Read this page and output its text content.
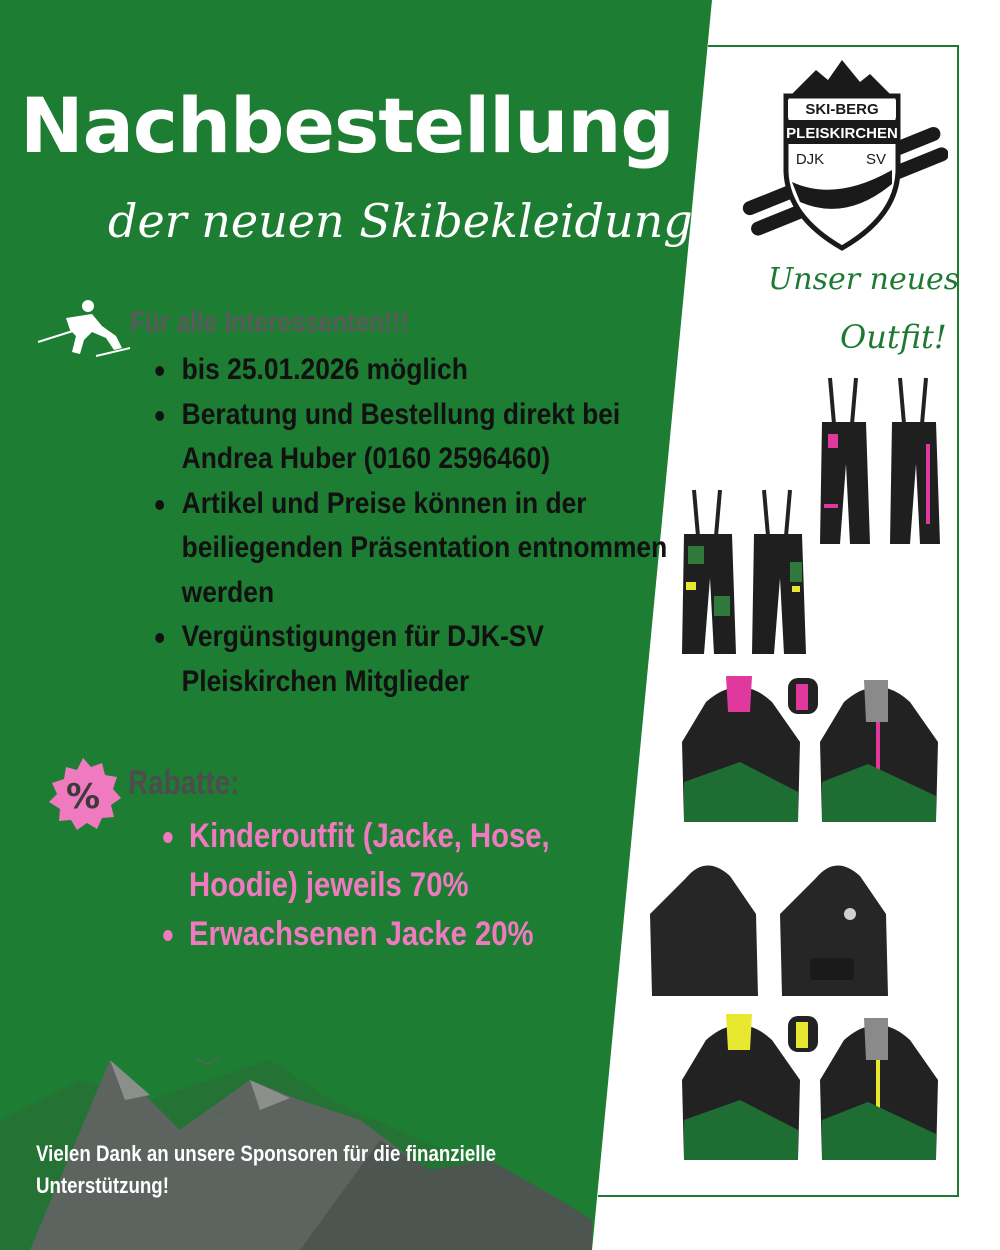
Nachbestellung
der neuen Skibekleidung
Für alle Interessenten!!!
bis 25.01.2026 möglich
Beratung und Bestellung direkt bei Andrea Huber (0160 2596460)
Artikel und Preise können in der beiliegenden Präsentation entnommen werden
Vergünstigungen für DJK-SV Pleiskirchen Mitglieder
% Rabatte:
Kinderoutfit (Jacke, Hose, Hoodie) jeweils 70%
Erwachsenen Jacke 20%
Vielen Dank an unsere Sponsoren für die finanzielle Unterstützung!
SKI-BERG
PLEISKIRCHEN
DJK	SV
Unser neues
Outfit!
